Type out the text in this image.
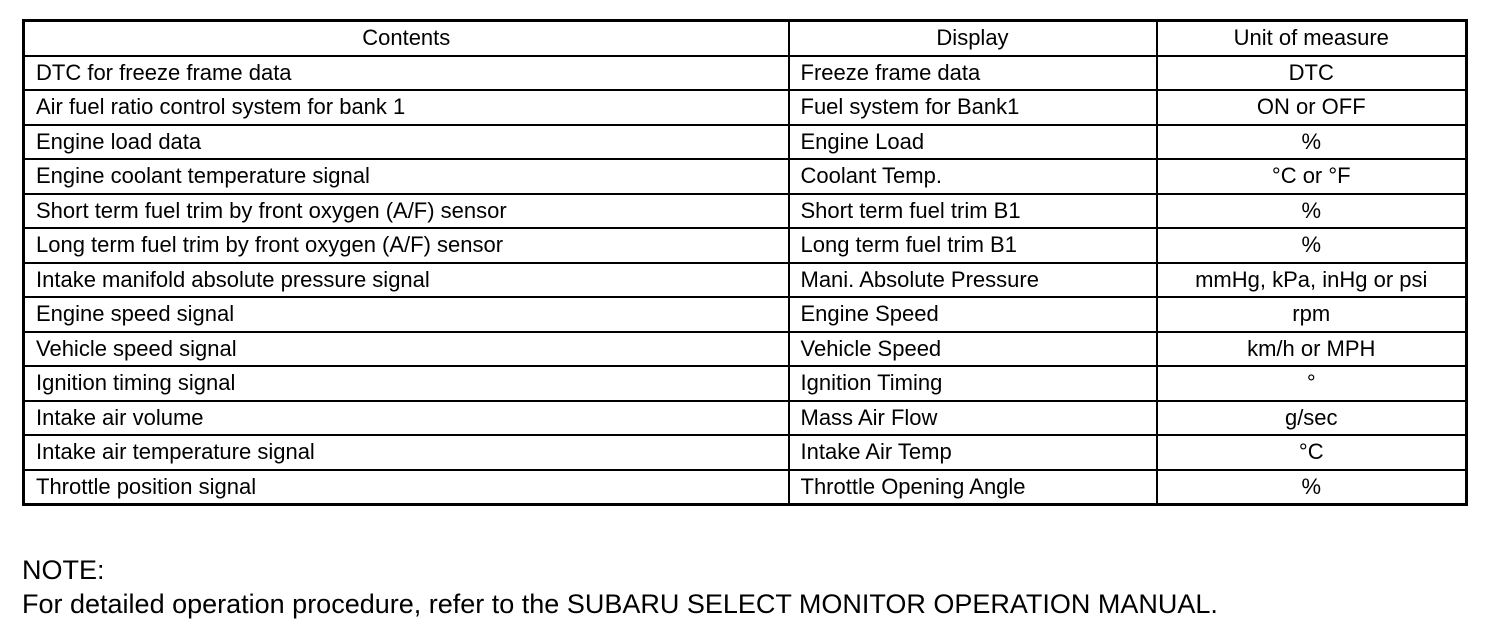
Contents	Display	Unit of measure
DTC for freeze frame data	Freeze frame data	DTC
Air fuel ratio control system for bank 1	Fuel system for Bank1	ON or OFF
Engine load data	Engine Load	%
Engine coolant temperature signal	Coolant Temp.	°C or °F
Short term fuel trim by front oxygen (A/F) sensor	Short term fuel trim B1	%
Long term fuel trim by front oxygen (A/F) sensor	Long term fuel trim B1	%
Intake manifold absolute pressure signal	Mani. Absolute Pressure	mmHg, kPa, inHg or psi
Engine speed signal	Engine Speed	rpm
Vehicle speed signal	Vehicle Speed	km/h or MPH
Ignition timing signal	Ignition Timing	°
Intake air volume	Mass Air Flow	g/sec
Intake air temperature signal	Intake Air Temp	°C
Throttle position signal	Throttle Opening Angle	%
NOTE:
For detailed operation procedure, refer to the SUBARU SELECT MONITOR OPERATION MANUAL.
